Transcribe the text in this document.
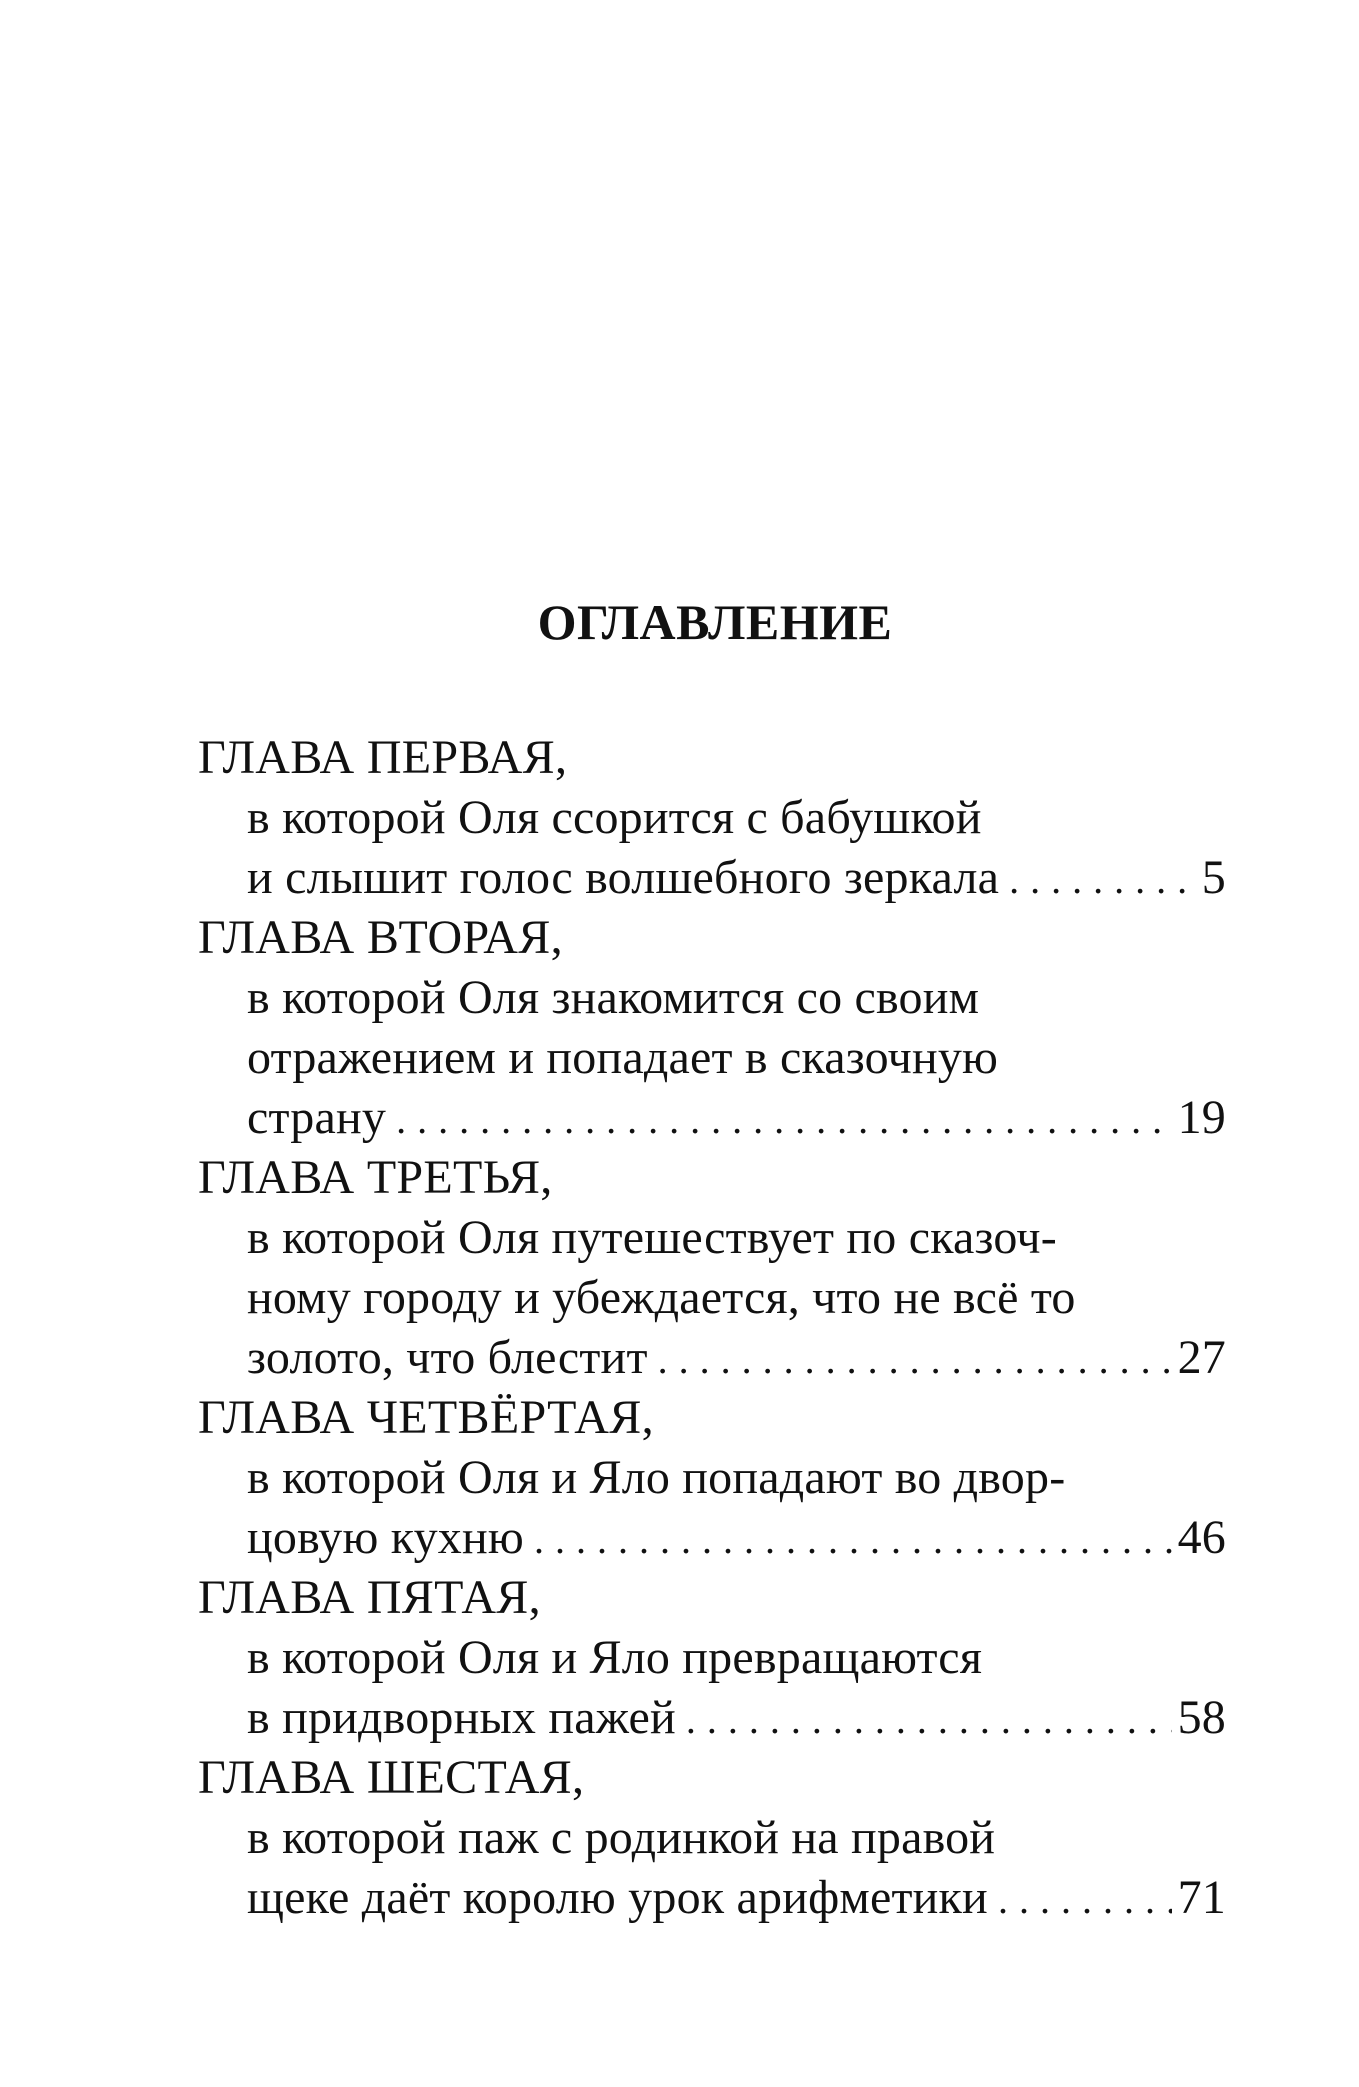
ОГЛАВЛЕНИЕ
ГЛАВА ПЕРВАЯ,
в которой Оля ссорится с бабушкой
и слышит голос волшебного зеркала . . .	5
ГЛАВА ВТОРАЯ,
в которой Оля знакомится со своим
отражением и попадает в сказочную
страну . . .	19
ГЛАВА ТРЕТЬЯ,
в которой Оля путешествует по сказоч-
ному городу и убеждается, что не всё то
золото, что блестит . . .	27
ГЛАВА ЧЕТВЁРТАЯ,
в которой Оля и Яло попадают во двор-
цовую кухню . . .	46
ГЛАВА ПЯТАЯ,
в которой Оля и Яло превращаются
в придворных пажей . . .	58
ГЛАВА ШЕСТАЯ,
в которой паж с родинкой на правой
щеке даёт королю урок арифметики . . .	71
